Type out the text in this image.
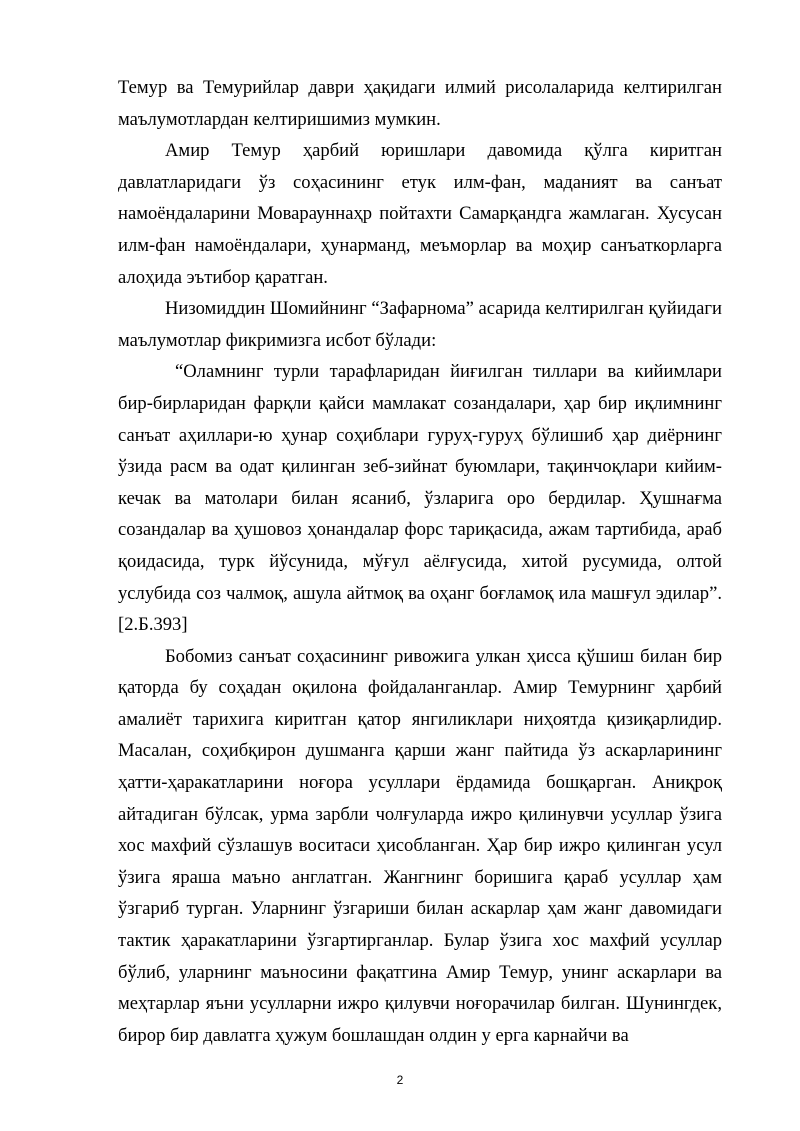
Темур ва Темурийлар даври ҳақидаги илмий рисолаларида келтирилган маълумотлардан келтиришимиз мумкин.

Амир Темур ҳарбий юришлари давомида қўлга киритган давлатларидаги ўз соҳасининг етук илм-фан, маданият ва санъат намоёндаларини Моварауннаҳр пойтахти Самарқандга жамлаган. Хусусан илм-фан намоёндалари, ҳунарманд, меъморлар ва моҳир санъаткорларга алоҳида эътибор қаратган.

Низомиддин Шомийнинг “Зафарнома” асарида келтирилган қуйидаги маълумотлар фикримизга исбот бўлади:

“Оламнинг турли тарафларидан йиғилган тиллари ва кийимлари бир-бирларидан фарқли қайси мамлакат созандалари, ҳар бир иқлимнинг санъат аҳиллари-ю ҳунар соҳиблари гуруҳ-гуруҳ бўлишиб ҳар диёрнинг ўзида расм ва одат қилинган зеб-зийнат буюмлари, тақинчоқлари кийим-кечак ва матолари билан ясаниб, ўзларига оро бердилар. Ҳушнағма созандалар ва ҳушовоз ҳонандалар форс тариқасида, ажам тартибида, араб қоидасида, турк йўсунида, мўғул аёлғусида, хитой русумида, олтой услубида соз чалмоқ, ашула айтмоқ ва оҳанг боғламоқ ила машғул эдилар”. [2.Б.393]

Бобомиз санъат соҳасининг ривожига улкан ҳисса қўшиш билан бир қаторда бу соҳадан оқилона фойдаланганлар. Амир Темурнинг ҳарбий амалиёт тарихига киритган қатор янгиликлари ниҳоятда қизиқарлидир. Масалан, соҳибқирон душманга қарши жанг пайтида ўз аскарларининг ҳатти-ҳаракатларини ноғора усуллари ёрдамида бошқарган. Аниқроқ айтадиган бўлсак, урма зарбли чолғуларда ижро қилинувчи усуллар ўзига хос махфий сўзлашув воситаси ҳисобланган. Ҳар бир ижро қилинган усул ўзига яраша маъно англатган. Жангнинг боришига қараб усуллар ҳам ўзгариб турган. Уларнинг ўзгариши билан аскарлар ҳам жанг давомидаги тактик ҳаракатларини ўзгартирганлар. Булар ўзига хос махфий усуллар бўлиб, уларнинг маъносини фақатгина Амир Темур, унинг аскарлари ва меҳтарлар яъни усулларни ижро қилувчи ноғорачилар билган. Шунингдек, бирор бир давлатга ҳужум бошлашдан олдин у ерга карнайчи ва

2
